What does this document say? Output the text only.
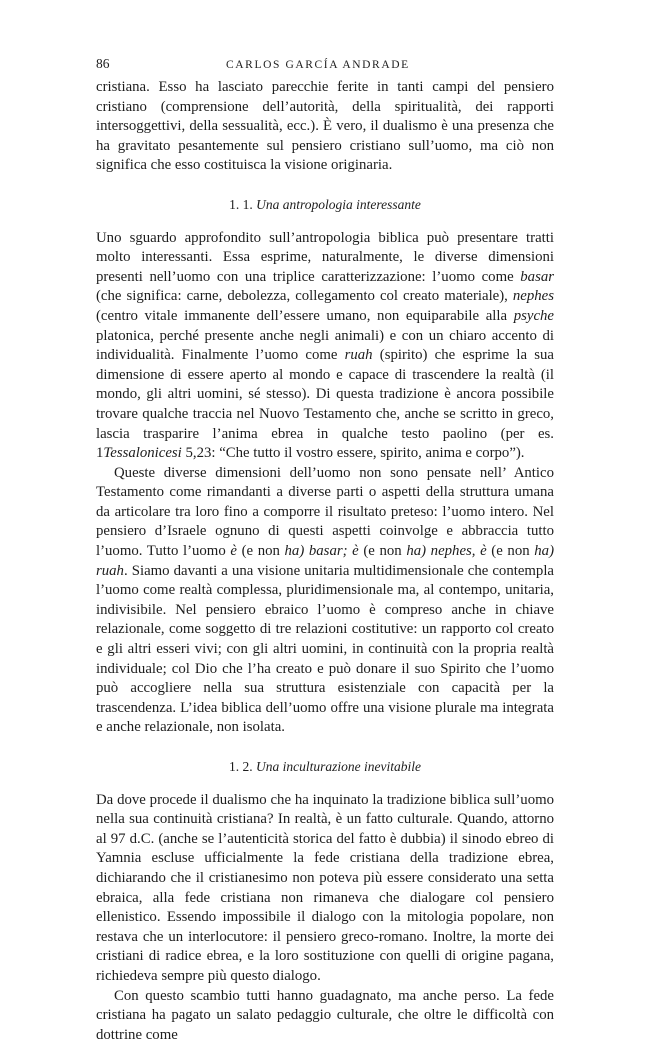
86	CARLOS GARCÍA ANDRADE

cristiana. Esso ha lasciato parecchie ferite in tanti campi del pensiero cristiano (comprensione dell’autorità, della spiritualità, dei rapporti intersoggettivi, della sessualità, ecc.). È vero, il dualismo è una presenza che ha gravitato pesantemente sul pensiero cristiano sull’uomo, ma ciò non significa che esso costituisca la visione originaria.

1. 1. Una antropologia interessante

Uno sguardo approfondito sull’antropologia biblica può presentare tratti molto interessanti. Essa esprime, naturalmente, le diverse dimensioni presenti nell’uomo con una triplice caratterizzazione: l’uomo come basar (che significa: carne, debolezza, collegamento col creato materiale), nephes (centro vitale immanente dell’essere umano, non equiparabile alla psyche platonica, perché presente anche negli animali) e con un chiaro accento di individualità. Finalmente l’uomo come ruah (spirito) che esprime la sua dimensione di essere aperto al mondo e capace di trascendere la realtà (il mondo, gli altri uomini, sé stesso). Di questa tradizione è ancora possibile trovare qualche traccia nel Nuovo Testamento che, anche se scritto in greco, lascia trasparire l’anima ebrea in qualche testo paolino (per es. 1Tessalonicesi 5,23: “Che tutto il vostro essere, spirito, anima e corpo”).

Queste diverse dimensioni dell’uomo non sono pensate nell’ Antico Testamento come rimandanti a diverse parti o aspetti della struttura umana da articolare tra loro fino a comporre il risultato preteso: l’uomo intero. Nel pensiero d’Israele ognuno di questi aspetti coinvolge e abbraccia tutto l’uomo. Tutto l’uomo è (e non ha) basar; è (e non ha) nephes, è (e non ha) ruah. Siamo davanti a una visione unitaria multidimensionale che contempla l’uomo come realtà complessa, pluridimensionale ma, al contempo, unitaria, indivisibile. Nel pensiero ebraico l’uomo è compreso anche in chiave relazionale, come soggetto di tre relazioni costitutive: un rapporto col creato e gli altri esseri vivi; con gli altri uomini, in continuità con la propria realtà individuale; col Dio che l’ha creato e può donare il suo Spirito che l’uomo può accogliere nella sua struttura esistenziale con capacità per la trascendenza. L’idea biblica dell’uomo offre una visione plurale ma integrata e anche relazionale, non isolata.

1. 2. Una inculturazione inevitabile

Da dove procede il dualismo che ha inquinato la tradizione biblica sull’uomo nella sua continuità cristiana? In realtà, è un fatto culturale. Quando, attorno al 97 d.C. (anche se l’autenticità storica del fatto è dubbia) il sinodo ebreo di Yamnia escluse ufficialmente la fede cristiana della tradizione ebrea, dichiarando che il cristianesimo non poteva più essere considerato una setta ebraica, alla fede cristiana non rimaneva che dialogare col pensiero ellenistico. Essendo impossibile il dialogo con la mitologia popolare, non restava che un interlocutore: il pensiero greco-romano. Inoltre, la morte dei cristiani di radice ebrea, e la loro sostituzione con quelli di origine pagana, richiedeva sempre più questo dialogo.

Con questo scambio tutti hanno guadagnato, ma anche perso. La fede cristiana ha pagato un salato pedaggio culturale, che oltre le difficoltà con dottrine come
